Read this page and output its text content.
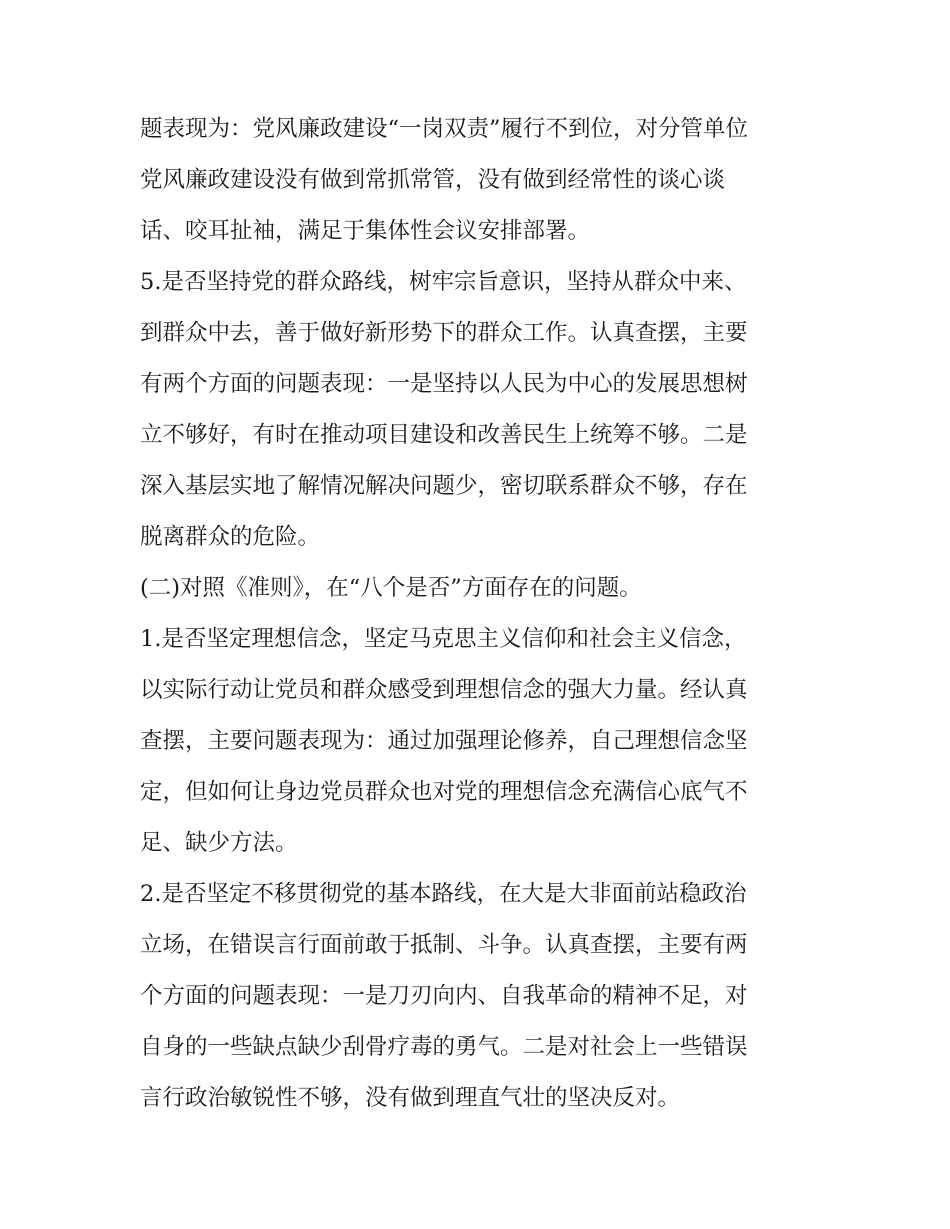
题表现为：党风廉政建设“一岗双责”履行不到位，对分管单位
党风廉政建设没有做到常抓常管，没有做到经常性的谈心谈
话、咬耳扯袖，满足于集体性会议安排部署。
5.是否坚持党的群众路线，树牢宗旨意识，坚持从群众中来、
到群众中去，善于做好新形势下的群众工作。认真查摆，主要
有两个方面的问题表现：一是坚持以人民为中心的发展思想树
立不够好，有时在推动项目建设和改善民生上统筹不够。二是
深入基层实地了解情况解决问题少，密切联系群众不够，存在
脱离群众的危险。
(二)对照《准则》，在“八个是否”方面存在的问题。
1.是否坚定理想信念，坚定马克思主义信仰和社会主义信念，
以实际行动让党员和群众感受到理想信念的强大力量。经认真
查摆，主要问题表现为：通过加强理论修养，自己理想信念坚
定，但如何让身边党员群众也对党的理想信念充满信心底气不
足、缺少方法。
2.是否坚定不移贯彻党的基本路线，在大是大非面前站稳政治
立场，在错误言行面前敢于抵制、斗争。认真查摆，主要有两
个方面的问题表现：一是刀刃向内、自我革命的精神不足，对
自身的一些缺点缺少刮骨疗毒的勇气。二是对社会上一些错误
言行政治敏锐性不够，没有做到理直气壮的坚决反对。
